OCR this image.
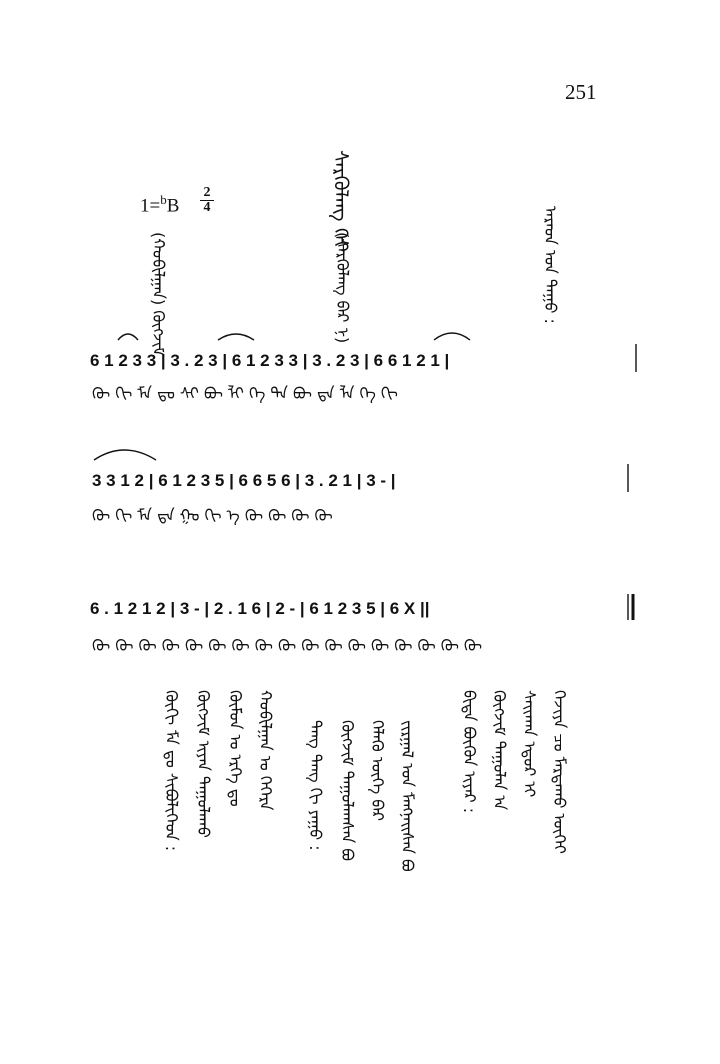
251
$1=^bB \frac{2}{4}$	ᠰᠡᠷᠭᠦᠯᠡᠩ ᠬᠡᠢ
(ᠰᠡᠷᠭᠦᠯᠡᠩ ᠪᠡᠷ ᠨ)
(ᠬᠤᠪᠢᠯᠭᠠᠨ) ᠬᠥᠭᠵᠢᠮ	ᠠᠷᠠᠳ ᠤᠨ ᠳᠠᠭᠤ :
6 1 2 3 3 | 3 . 2 3 | 6 1 2 3 3 | 3 . 2 3 | 6 6 1 2 1 |
3 3 1 2 | 6 1 2 3 5 | 6 6 5 6 | 3 . 2 1 | 3 - |
6 . 1 2 1 2 | 3 - | 2 . 1 6 | 2 - | 6 1 2 3 5 | 6 X ||
ᠬᠦ ᠭᠢ ᠮᠠ ᠳᠤ ᠰᠢ ᠪᠦ ᠯᠢ ᠭᠡ ᠲᠡ ᠪᠦ ᠳᠠ ᠯᠠ ᠬᠡ ᠭᠢ
ᠬᠦ ᠭᠢ ᠮᠠ ᠳᠠ ᠭᠤ ᠬᠢ ᠡ ᠬᠥ ᠬᠥ ᠬᠥ ᠬᠥ
ᠬᠥ ᠬᠥ ᠬᠥ ᠬᠥ ᠬᠥ ᠬᠥ ᠬᠥ ᠬᠥ ᠬᠥ ᠬᠥ ᠬᠥ ᠬᠥ ᠬᠥ ᠬᠥ ᠬᠥ ᠬᠥ ᠬᠥ
ᠬᠦᠭᠢ ᠮᠠ ᠳᠤ ᠰᠢᠪᠦᠯᠢᠭᠡᠳ : ᠬᠥᠭᠵᠢᠮ ᠢᠶᠡᠨ ᠳᠠᠭᠤᠯᠠᠬᠤ ᠬᠦᠮᠦᠨ ᠤ ᠡᠷᠬᠡ ᠳᠤ ᠬᠤᠪᠢᠯᠭᠠᠨ ᠤ ᠬᠡᠭᠡᠷᠡ ᠲᠠᠩ ᠲᠠᠩ ᠬᠢ ᠶᠠᠭᠤ : ᠬᠥᠭᠵᠢᠮ ᠳᠠᠭᠤᠯᠠᠭᠰᠠᠨ ᠪᠤ ᠬᠡᠯᠡᠬᠦ ᠦᠭᠡ ᠪᠠᠷ ᠵᠢᠷᠭᠠᠯ ᠤᠨ ᠮᠠᠩᠨᠠᠢᠰᠠᠨ ᠪᠤ	ᠪᠢᠳᠡ ᠪᠦᠬᠦᠨ ᠢᠶᠡᠷ : ᠬᠥᠭᠵᠢᠮ ᠳᠠᠭᠤᠯᠠᠨ ᠠ ᠰᠠᠢᠬᠠᠨ ᠡᠳᠦᠷ ᠢ ᠬᠡᠵᠢᠶᠡ ᠴᠤ ᠮᠠᠷᠳᠠᠬᠤ ᠦᠭᠡᠢ
